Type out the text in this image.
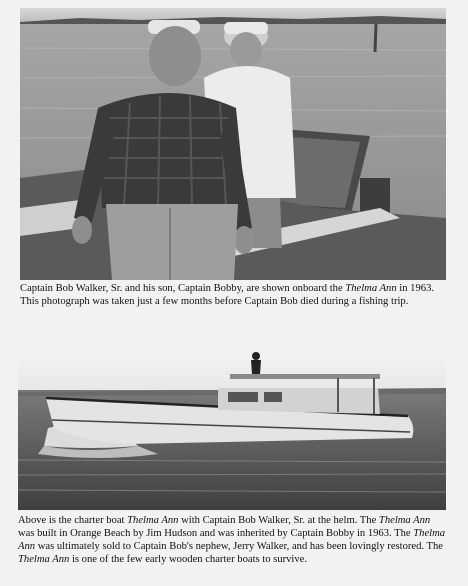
Captain Bob Walker, Sr. and his son, Captain Bobby, are shown onboard the Thelma Ann in 1963. This photograph was taken just a few months before Captain Bob died during a fishing trip.

Above is the charter boat Thelma Ann with Captain Bob Walker, Sr. at the helm. The Thelma Ann was built in Orange Beach by Jim Hudson and was inherited by Captain Bobby in 1963. The Thelma Ann was ultimately sold to Captain Bob's nephew, Jerry Walker, and has been lovingly restored. The Thelma Ann is one of the few early wooden charter boats to survive.
